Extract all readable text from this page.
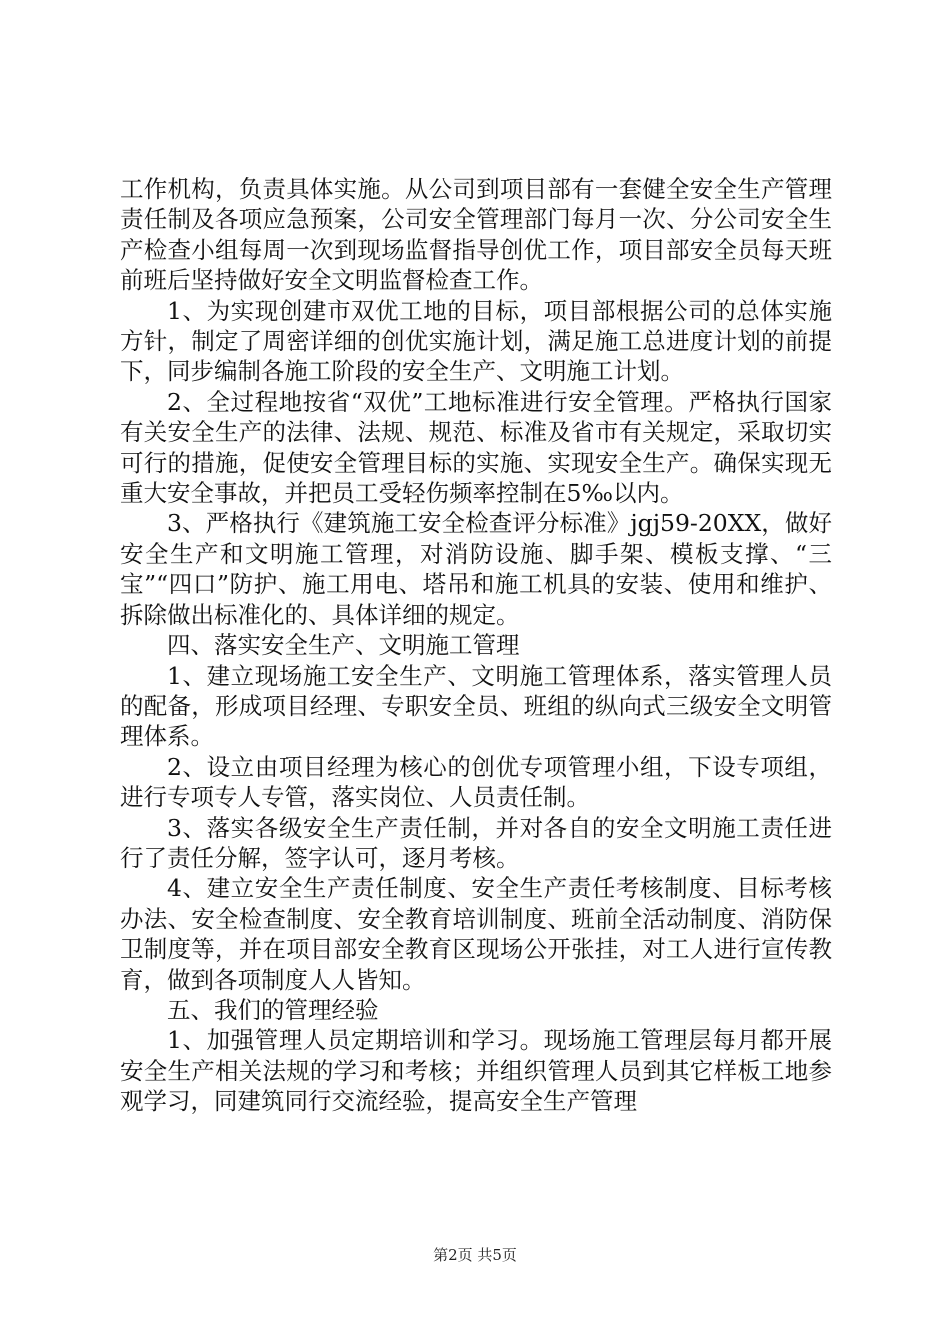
工作机构，负责具体实施。从公司到项目部有一套健全安全生产管理责任制及各项应急预案，公司安全管理部门每月一次、分公司安全生产检查小组每周一次到现场监督指导创优工作，项目部安全员每天班前班后坚持做好安全文明监督检查工作。

1、为实现创建市双优工地的目标，项目部根据公司的总体实施方针，制定了周密详细的创优实施计划，满足施工总进度计划的前提下，同步编制各施工阶段的安全生产、文明施工计划。

2、全过程地按省“双优”工地标准进行安全管理。严格执行国家有关安全生产的法律、法规、规范、标准及省市有关规定，采取切实可行的措施，促使安全管理目标的实施、实现安全生产。确保实现无重大安全事故，并把员工受轻伤频率控制在5‰以内。

3、严格执行《建筑施工安全检查评分标准》jgj59-20XX，做好安全生产和文明施工管理，对消防设施、脚手架、模板支撑、“三宝”“四口”防护、施工用电、塔吊和施工机具的安装、使用和维护、拆除做出标准化的、具体详细的规定。

四、落实安全生产、文明施工管理

1、建立现场施工安全生产、文明施工管理体系，落实管理人员的配备，形成项目经理、专职安全员、班组的纵向式三级安全文明管理体系。

2、设立由项目经理为核心的创优专项管理小组，下设专项组，进行专项专人专管，落实岗位、人员责任制。

3、落实各级安全生产责任制，并对各自的安全文明施工责任进行了责任分解，签字认可，逐月考核。

4、建立安全生产责任制度、安全生产责任考核制度、目标考核办法、安全检查制度、安全教育培训制度、班前全活动制度、消防保卫制度等，并在项目部安全教育区现场公开张挂，对工人进行宣传教育，做到各项制度人人皆知。

五、我们的管理经验

1、加强管理人员定期培训和学习。现场施工管理层每月都开展安全生产相关法规的学习和考核；并组织管理人员到其它样板工地参观学习，同建筑同行交流经验，提高安全生产管理

第2页 共5页
